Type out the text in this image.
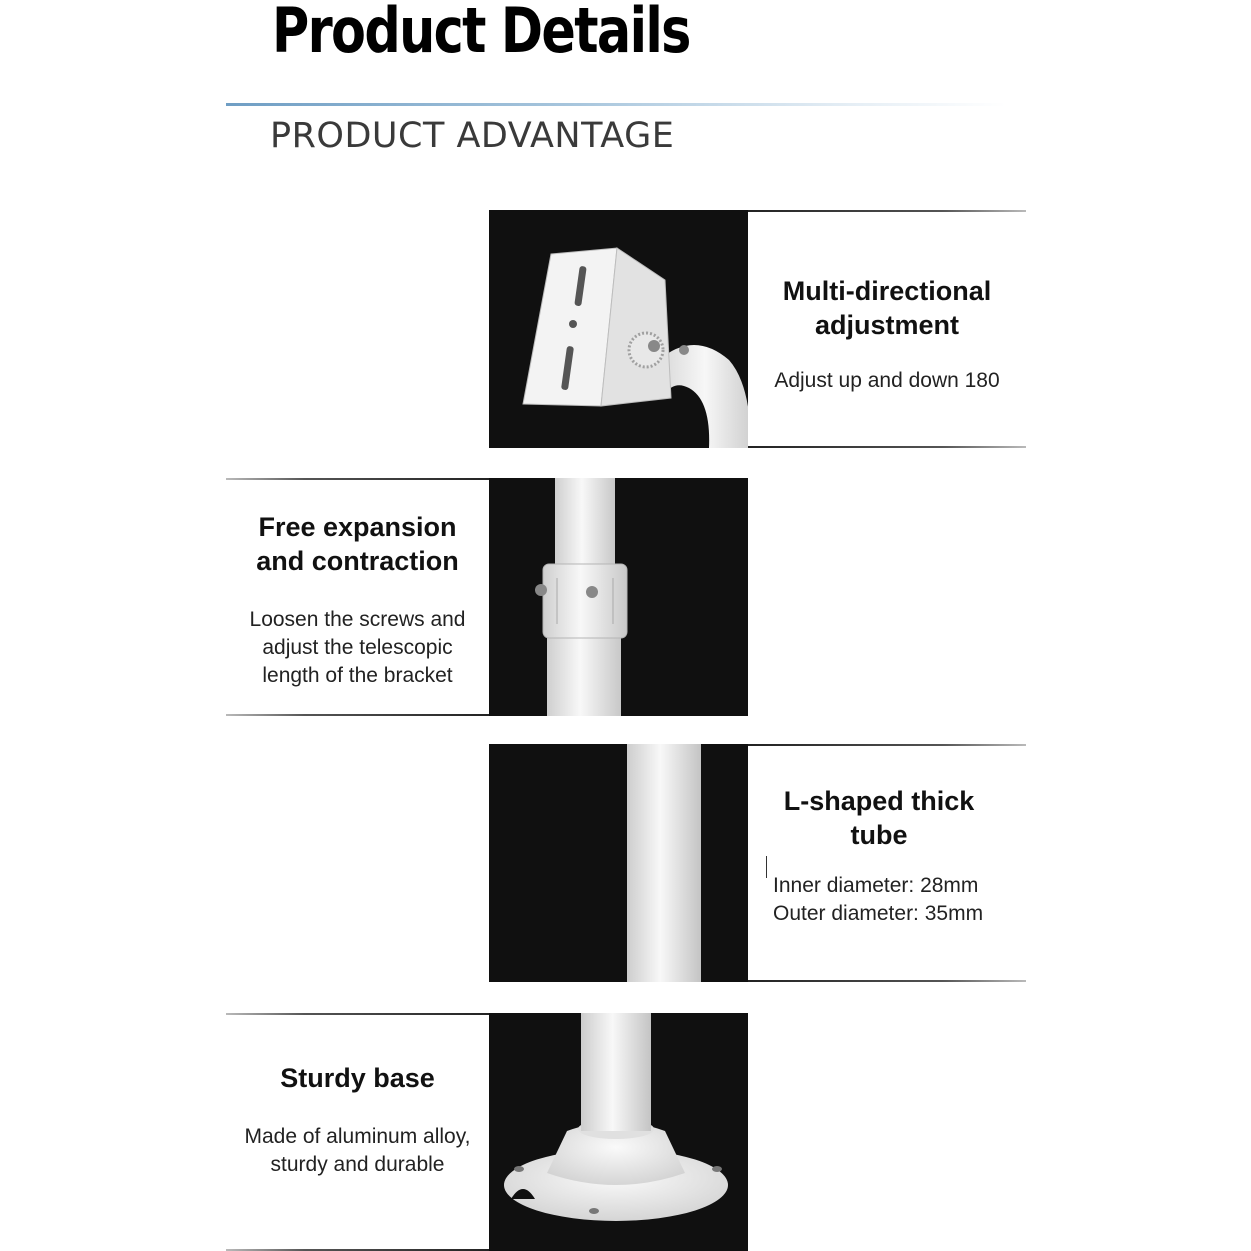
Product Details
PRODUCT ADVANTAGE

Multi-directional

adjustment

Adjust up and down 180

Free expansion

and contraction

Loosen the screws and

adjust the telescopic

length of the bracket

L-shaped thick

tube

Inner diameter: 28mm

Outer diameter: 35mm

Sturdy base

Made of aluminum alloy,

sturdy and durable
